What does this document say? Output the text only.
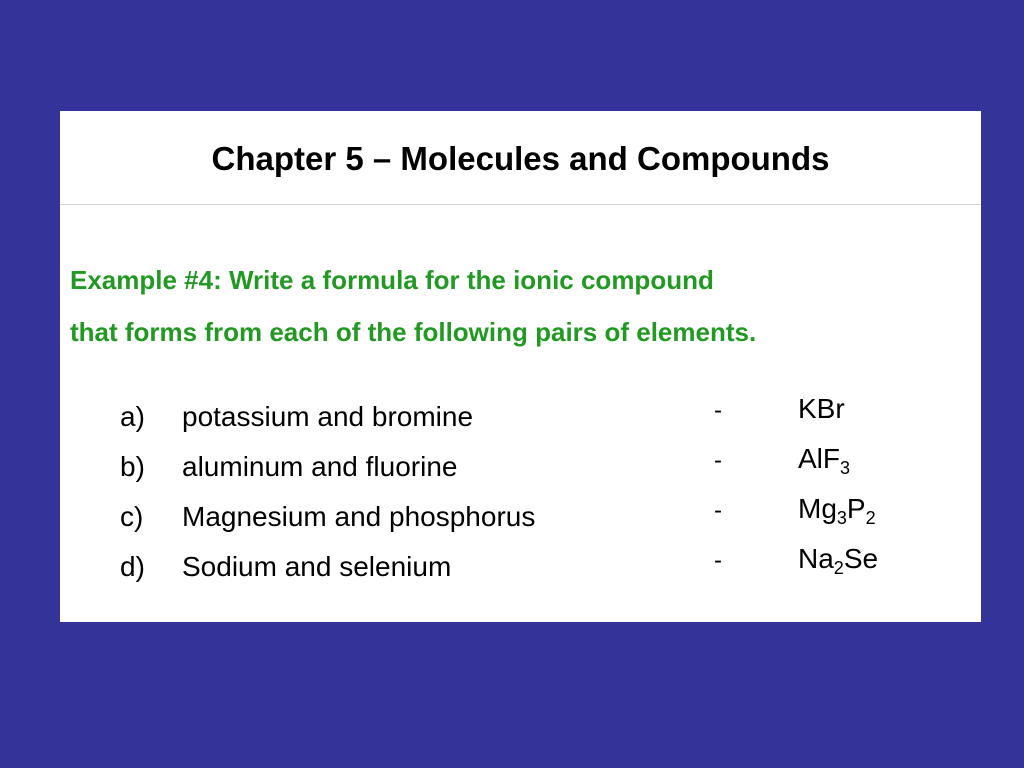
Chapter 5 – Molecules and Compounds
Example #4: Write a formula for the ionic compound
that forms from each of the following pairs of elements.
a) potassium and bromine	-	KBr
b) aluminum and fluorine	-	AlF$_3$
c) Magnesium and phosphorus	-	$Mg_3P_2$
d) Sodium and selenium	-	$Na_2Se$
